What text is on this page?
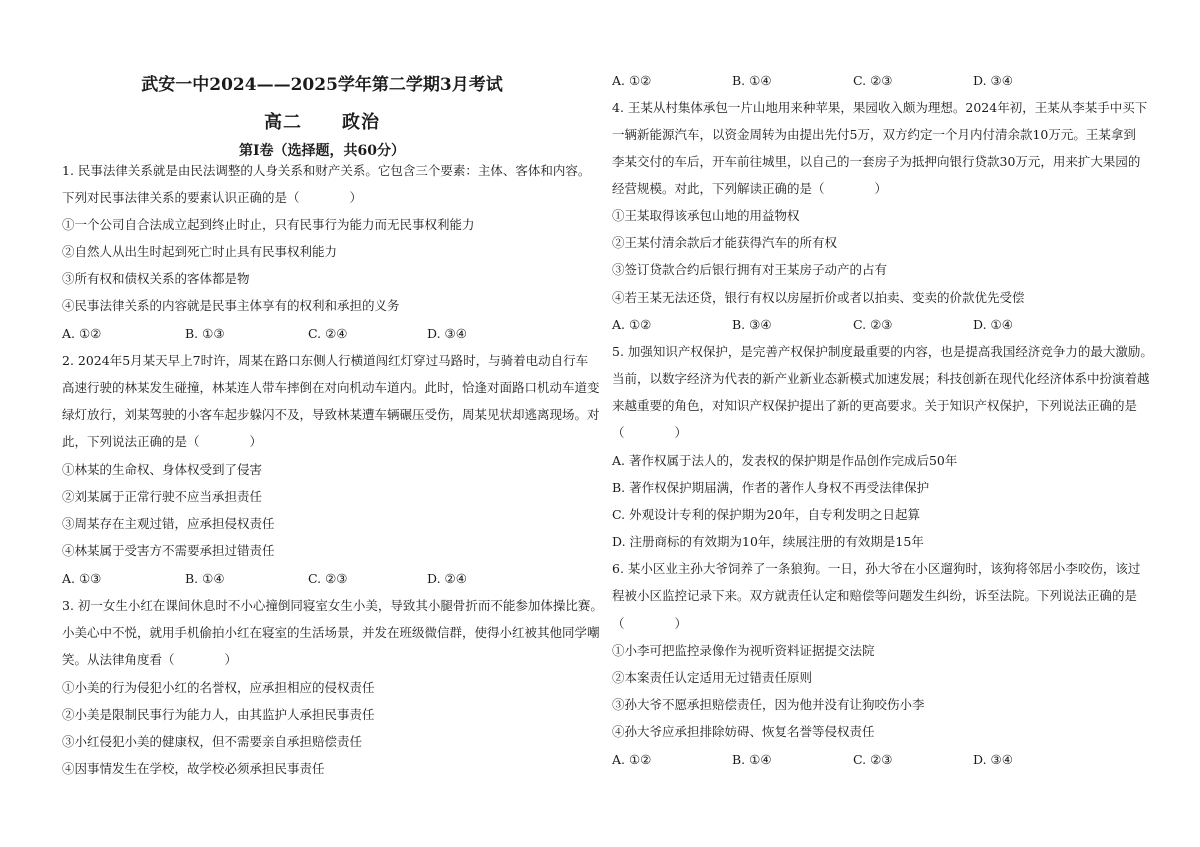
武安一中2024——2025学年第二学期3月考试
高二 政治
第Ⅰ卷（选择题，共60分）
1. 民事法律关系就是由民法调整的人身关系和财产关系。它包含三个要素：主体、客体和内容。
下列对民事法律关系的要素认识正确的是（　　　　）
①一个公司自合法成立起到终止时止，只有民事行为能力而无民事权利能力
②自然人从出生时起到死亡时止具有民事权利能力
③所有权和债权关系的客体都是物
④民事法律关系的内容就是民事主体享有的权利和承担的义务
A. ①②	B. ①③	C. ②④	D. ③④
2. 2024年5月某天早上7时许，周某在路口东侧人行横道闯红灯穿过马路时，与骑着电动自行车
高速行驶的林某发生碰撞，林某连人带车摔倒在对向机动车道内。此时，恰逢对面路口机动车道变
绿灯放行，刘某驾驶的小客车起步躲闪不及，导致林某遭车辆碾压受伤，周某见状却逃离现场。对
此，下列说法正确的是（　　　　）
①林某的生命权、身体权受到了侵害
②刘某属于正常行驶不应当承担责任
③周某存在主观过错，应承担侵权责任
④林某属于受害方不需要承担过错责任
A. ①③	B. ①④	C. ②③	D. ②④
3. 初一女生小红在课间休息时不小心撞倒同寝室女生小美，导致其小腿骨折而不能参加体操比赛。
小美心中不悦，就用手机偷拍小红在寝室的生活场景，并发在班级微信群，使得小红被其他同学嘲
笑。从法律角度看（　　　　）
①小美的行为侵犯小红的名誉权，应承担相应的侵权责任
②小美是限制民事行为能力人，由其监护人承担民事责任
③小红侵犯小美的健康权，但不需要亲自承担赔偿责任
④因事情发生在学校，故学校必须承担民事责任
A. ①②	B. ①④	C. ②③	D. ③④
4. 王某从村集体承包一片山地用来种苹果，果园收入颇为理想。2024年初，王某从李某手中买下
一辆新能源汽车，以资金周转为由提出先付5万，双方约定一个月内付清余款10万元。王某拿到
李某交付的车后，开车前往城里，以自己的一套房子为抵押向银行贷款30万元，用来扩大果园的
经营规模。对此，下列解读正确的是（　　　　）
①王某取得该承包山地的用益物权
②王某付清余款后才能获得汽车的所有权
③签订贷款合约后银行拥有对王某房子动产的占有
④若王某无法还贷，银行有权以房屋折价或者以拍卖、变卖的价款优先受偿
A. ①②	B. ③④	C. ②③	D. ①④
5. 加强知识产权保护，是完善产权保护制度最重要的内容，也是提高我国经济竞争力的最大激励。
当前，以数字经济为代表的新产业新业态新模式加速发展；科技创新在现代化经济体系中扮演着越
来越重要的角色，对知识产权保护提出了新的更高要求。关于知识产权保护，下列说法正确的是
（　　　　）
A. 著作权属于法人的，发表权的保护期是作品创作完成后50年
B. 著作权保护期届满，作者的著作人身权不再受法律保护
C. 外观设计专利的保护期为20年，自专利发明之日起算
D. 注册商标的有效期为10年，续展注册的有效期是15年
6. 某小区业主孙大爷饲养了一条狼狗。一日，孙大爷在小区遛狗时，该狗将邻居小李咬伤，该过
程被小区监控记录下来。双方就责任认定和赔偿等问题发生纠纷，诉至法院。下列说法正确的是
（　　　　）
①小李可把监控录像作为视听资料证据提交法院
②本案责任认定适用无过错责任原则
③孙大爷不愿承担赔偿责任，因为他并没有让狗咬伤小李
④孙大爷应承担排除妨碍、恢复名誉等侵权责任
A. ①②	B. ①④	C. ②③	D. ③④
